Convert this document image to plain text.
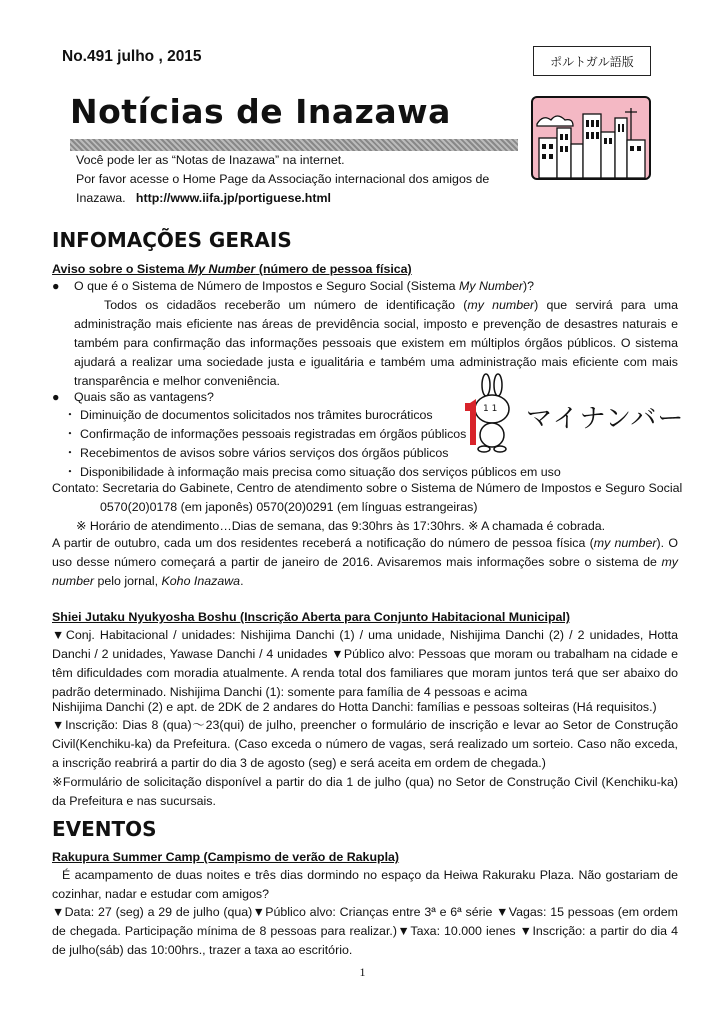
No.491 julho , 2015	ポルトガル語版
Notícias de Inazawa
Você pode ler as “Notas de Inazawa” na internet.
Por favor acesse o Home Page da Associação internacional dos amigos de
Inazawa. http://www.iifa.jp/portiguese.html
INFOMAÇÕES GERAIS
Aviso sobre o Sistema My Number (número de pessoa física)
● O que é o Sistema de Número de Impostos e Seguro Social (Sistema My Number)?
Todos os cidadãos receberão um número de identificação (my number) que servirá para uma administração mais eficiente nas áreas de previdência social, imposto e prevenção de desastres naturais e também para confirmação das informações pessoais que existem em múltiplos órgãos públicos. O sistema ajudará a realizar uma sociedade justa e igualitária e também uma administração mais eficiente com mais transparência e melhor conveniência.
● Quais são as vantagens?
・ Diminuição de documentos solicitados nos trâmites burocráticos
・ Confirmação de informações pessoais registradas em órgãos públicos
・ Recebimentos de avisos sobre vários serviços dos órgãos públicos
・ Disponibilidade à informação mais precisa como situação dos serviços públicos em uso
1 1 マイナンバー
Contato: Secretaria do Gabinete, Centro de atendimento sobre o Sistema de Número de Impostos e Seguro Social
0570(20)0178 (em japonês) 0570(20)0291 (em línguas estrangeiras)
※ Horário de atendimento…Dias de semana, das 9:30hrs às 17:30hrs. ※ A chamada é cobrada.
A partir de outubro, cada um dos residentes receberá a notificação do número de pessoa física (my number). O uso desse número começará a partir de janeiro de 2016. Avisaremos mais informações sobre o sistema de my number pelo jornal, Koho Inazawa.
Shiei Jutaku Nyukyosha Boshu (Inscrição Aberta para Conjunto Habitacional Municipal)
▼Conj. Habitacional / unidades: Nishijima Danchi (1) / uma unidade, Nishijima Danchi (2) / 2 unidades, Hotta Danchi / 2 unidades, Yawase Danchi / 4 unidades ▼Público alvo: Pessoas que moram ou trabalham na cidade e têm dificuldades com moradia atualmente. A renda total dos familiares que moram juntos terá que ser abaixo do padrão determinado. Nishijima Danchi (1): somente para família de 4 pessoas e acima
Nishijima Danchi (2) e apt. de 2DK de 2 andares do Hotta Danchi: famílias e pessoas solteiras (Há requisitos.)
▼Inscrição: Dias 8 (qua)〜23(qui) de julho, preencher o formulário de inscrição e levar ao Setor de Construção Civil(Kenchiku-ka) da Prefeitura. (Caso exceda o número de vagas, será realizado um sorteio. Caso não exceda, a inscrição reabrirá a partir do dia 3 de agosto (seg) e será aceita em ordem de chegada.)
※Formulário de solicitação disponível a partir do dia 1 de julho (qua) no Setor de Construção Civil (Kenchiku-ka) da Prefeitura e nas sucursais.
EVENTOS
Rakupura Summer Camp (Campismo de verão de Rakupla)
É acampamento de duas noites e três dias dormindo no espaço da Heiwa Rakuraku Plaza. Não gostariam de cozinhar, nadar e estudar com amigos?
▼Data: 27 (seg) a 29 de julho (qua)▼Público alvo: Crianças entre 3ª e 6ª série ▼Vagas: 15 pessoas (em ordem de chegada. Participação mínima de 8 pessoas para realizar.)▼Taxa: 10.000 ienes ▼Inscrição: a partir do dia 4 de julho(sáb) das 10:00hrs., trazer a taxa ao escritório.
1
